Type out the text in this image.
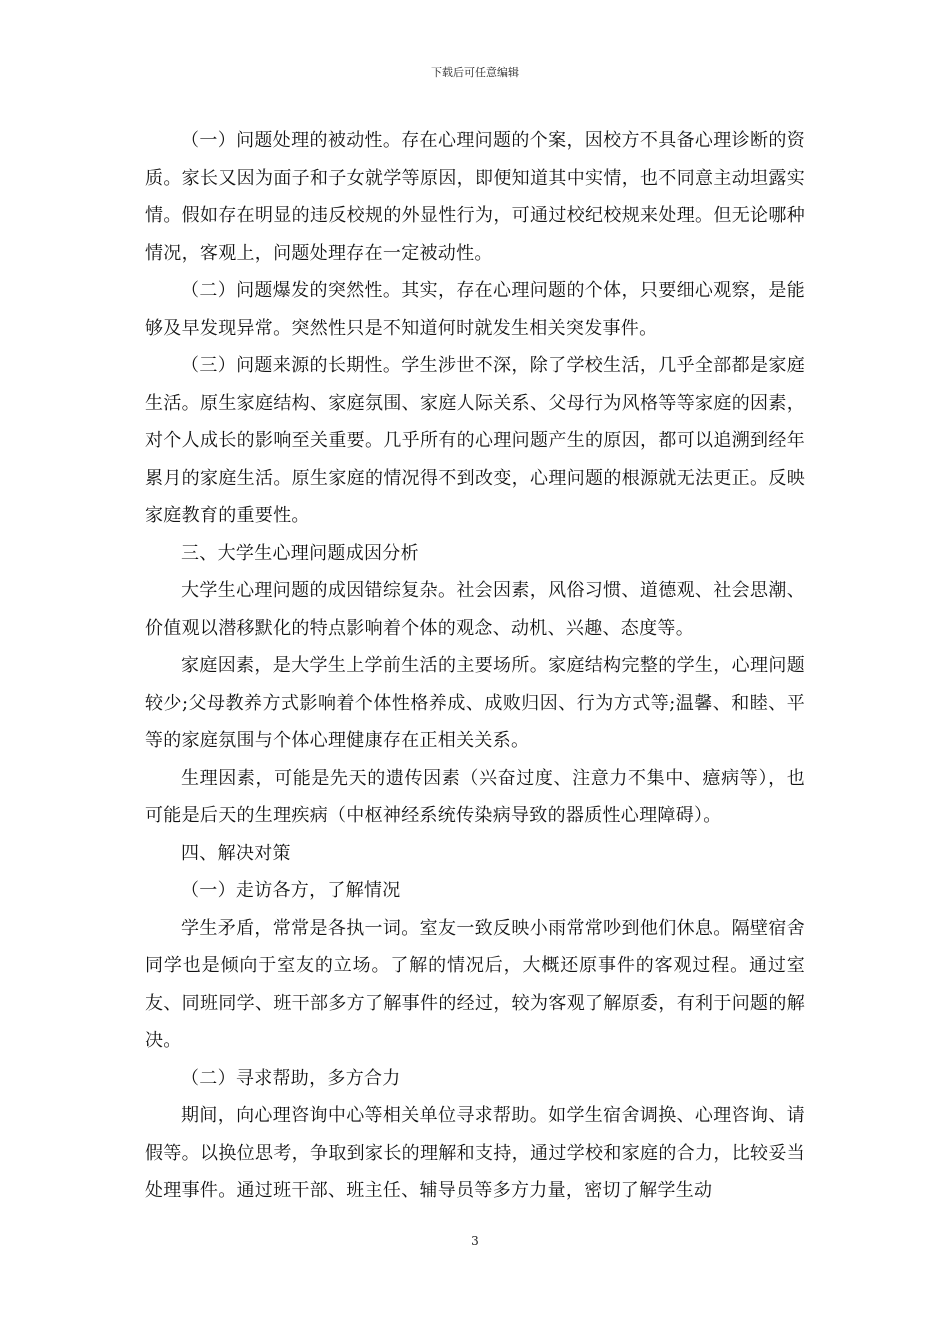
下载后可任意编辑

（一）问题处理的被动性。存在心理问题的个案，因校方不具备心理诊断的资质。家长又因为面子和子女就学等原因，即便知道其中实情，也不同意主动坦露实情。假如存在明显的违反校规的外显性行为，可通过校纪校规来处理。但无论哪种情况，客观上，问题处理存在一定被动性。

（二）问题爆发的突然性。其实，存在心理问题的个体，只要细心观察，是能够及早发现异常。突然性只是不知道何时就发生相关突发事件。

（三）问题来源的长期性。学生涉世不深，除了学校生活，几乎全部都是家庭生活。原生家庭结构、家庭氛围、家庭人际关系、父母行为风格等等家庭的因素，对个人成长的影响至关重要。几乎所有的心理问题产生的原因，都可以追溯到经年累月的家庭生活。原生家庭的情况得不到改变，心理问题的根源就无法更正。反映家庭教育的重要性。

三、大学生心理问题成因分析

大学生心理问题的成因错综复杂。社会因素，风俗习惯、道德观、社会思潮、价值观以潜移默化的特点影响着个体的观念、动机、兴趣、态度等。

家庭因素，是大学生上学前生活的主要场所。家庭结构完整的学生，心理问题较少;父母教养方式影响着个体性格养成、成败归因、行为方式等;温馨、和睦、平等的家庭氛围与个体心理健康存在正相关关系。

生理因素，可能是先天的遗传因素（兴奋过度、注意力不集中、癔病等），也可能是后天的生理疾病（中枢神经系统传染病导致的器质性心理障碍）。

四、解决对策

（一）走访各方，了解情况

学生矛盾，常常是各执一词。室友一致反映小雨常常吵到他们休息。隔壁宿舍同学也是倾向于室友的立场。了解的情况后，大概还原事件的客观过程。通过室友、同班同学、班干部多方了解事件的经过，较为客观了解原委，有利于问题的解决。

（二）寻求帮助，多方合力

期间，向心理咨询中心等相关单位寻求帮助。如学生宿舍调换、心理咨询、请假等。以换位思考，争取到家长的理解和支持，通过学校和家庭的合力，比较妥当处理事件。通过班干部、班主任、辅导员等多方力量，密切了解学生动

3
